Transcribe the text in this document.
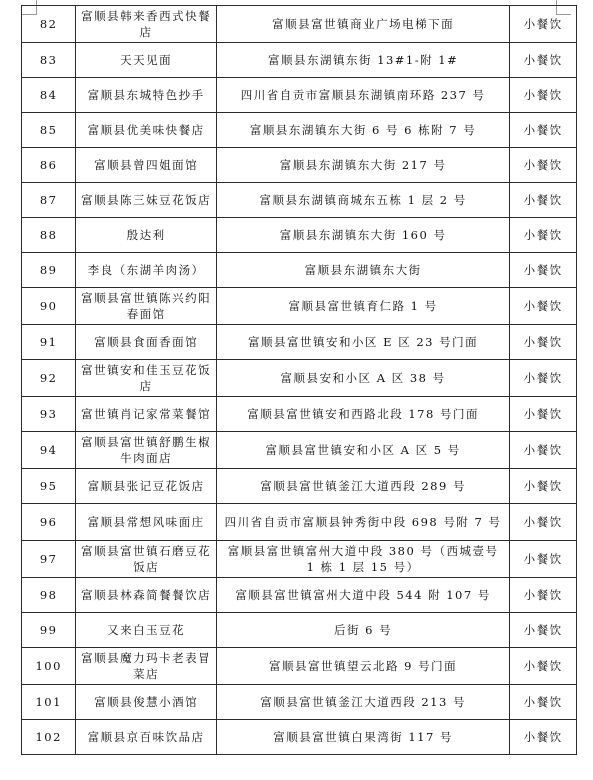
82	富顺县韩来香西式快餐店	富顺县富世镇商业广场电梯下面	小餐饮
83	天天见面	富顺县东湖镇东街 13#1-附 1#	小餐饮
84	富顺县东城特色抄手	四川省自贡市富顺县东湖镇南环路 237 号	小餐饮
85	富顺县优美味快餐店	富顺县东湖镇东大街 6 号 6 栋附 7 号	小餐饮
86	富顺县曾四姐面馆	富顺县东湖镇东大街 217 号	小餐饮
87	富顺县陈三妹豆花饭店	富顺县东湖镇商城东五栋 1 层 2 号	小餐饮
88	殷达利	富顺县东湖镇东大街 160 号	小餐饮
89	李良（东湖羊肉汤）	富顺县东湖镇东大街	小餐饮
90	富顺县富世镇陈兴约阳春面馆	富顺县富世镇育仁路 1 号	小餐饮
91	富顺县食面香面馆	富顺县富世镇安和小区 E 区 23 号门面	小餐饮
92	富世镇安和佳玉豆花饭店	富顺县安和小区 A 区 38 号	小餐饮
93	富世镇肖记家常菜餐馆	富顺县富世镇安和西路北段 178 号门面	小餐饮
94	富顺县富世镇舒鹏生椒牛肉面店	富顺县富世镇安和小区 A 区 5 号	小餐饮
95	富顺县张记豆花饭店	富顺县富世镇釜江大道西段 289 号	小餐饮
96	富顺县常想风味面庄	四川省自贡市富顺县钟秀街中段 698 号附 7 号	小餐饮
97	富顺县富世镇石磨豆花饭店	富顺县富世镇富州大道中段 380 号（西城壹号 1 栋 1 层 15 号）	小餐饮
98	富顺县林森简餐餐饮店	富顺县富世镇富州大道中段 544 附 107 号	小餐饮
99	又来白玉豆花	后街 6 号	小餐饮
100	富顺县魔力玛卡老表冒菜店	富顺县富世镇望云北路 9 号门面	小餐饮
101	富顺县俊慧小酒馆	富顺县富世镇釜江大道西段 213 号	小餐饮
102	富顺县京百味饮品店	富顺县富世镇白果湾街 117 号	小餐饮
